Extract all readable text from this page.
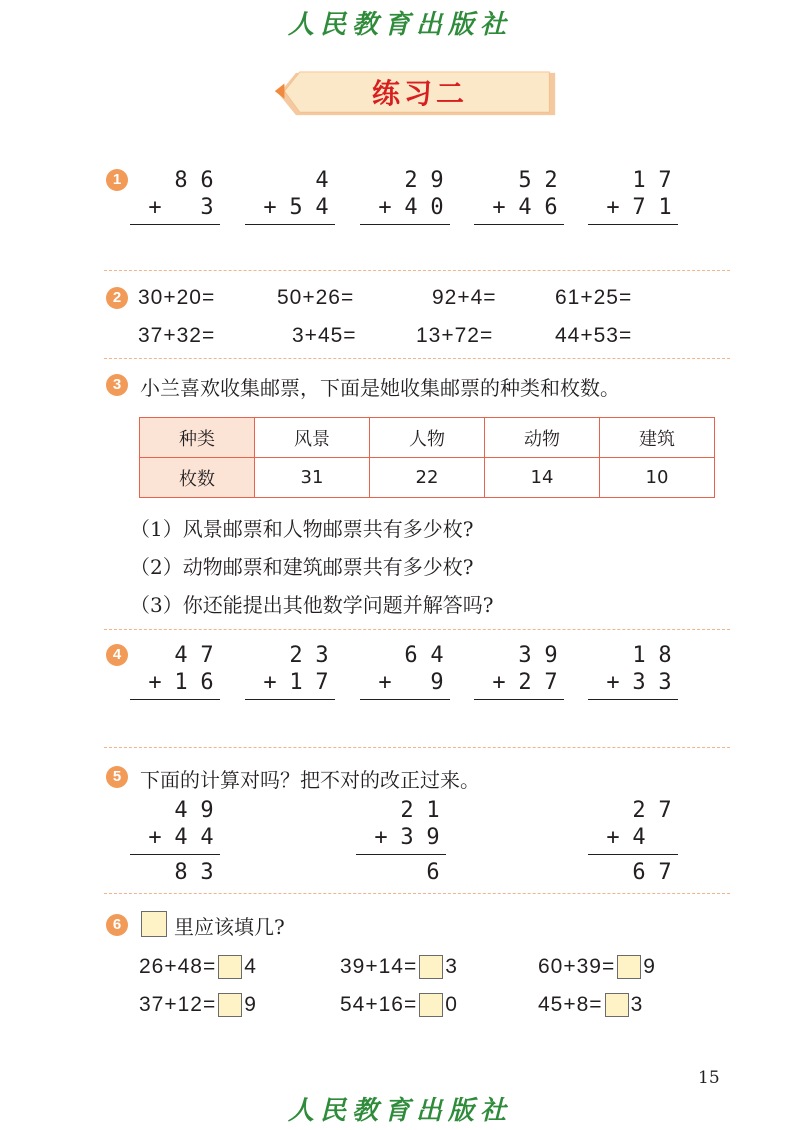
人民教育出版社
练习二
1	8 6
+ 3
4
+ 5 4
2 9
+ 4 0
5 2
+ 4 6
1 7
+ 7 1
2 30+20=	50+26=	92+4=	61+25=
37+32=	3+45=	13+72=	44+53=
3 小兰喜欢收集邮票，下面是她收集邮票的种类和枚数。
种类	风景	人物	动物	建筑
枚数	31	22	14	10
（1）风景邮票和人物邮票共有多少枚?
（2）动物邮票和建筑邮票共有多少枚?
（3）你还能提出其他数学问题并解答吗?
4	4 7
+ 1 6
2 3
+ 1 7
6 4
+ 9
3 9
+ 2 7
1 8
+ 3 3
5 下面的计算对吗？把不对的改正过来。
4 9
+ 4 4
8 3
2 1
+ 3 9
6
2 7
+ 4
6 7
6	里应该填几?
26+48= 4	39+14= 3	60+39= 9
37+12= 9	54+16= 0	45+8= 3
15
人民教育出版社
